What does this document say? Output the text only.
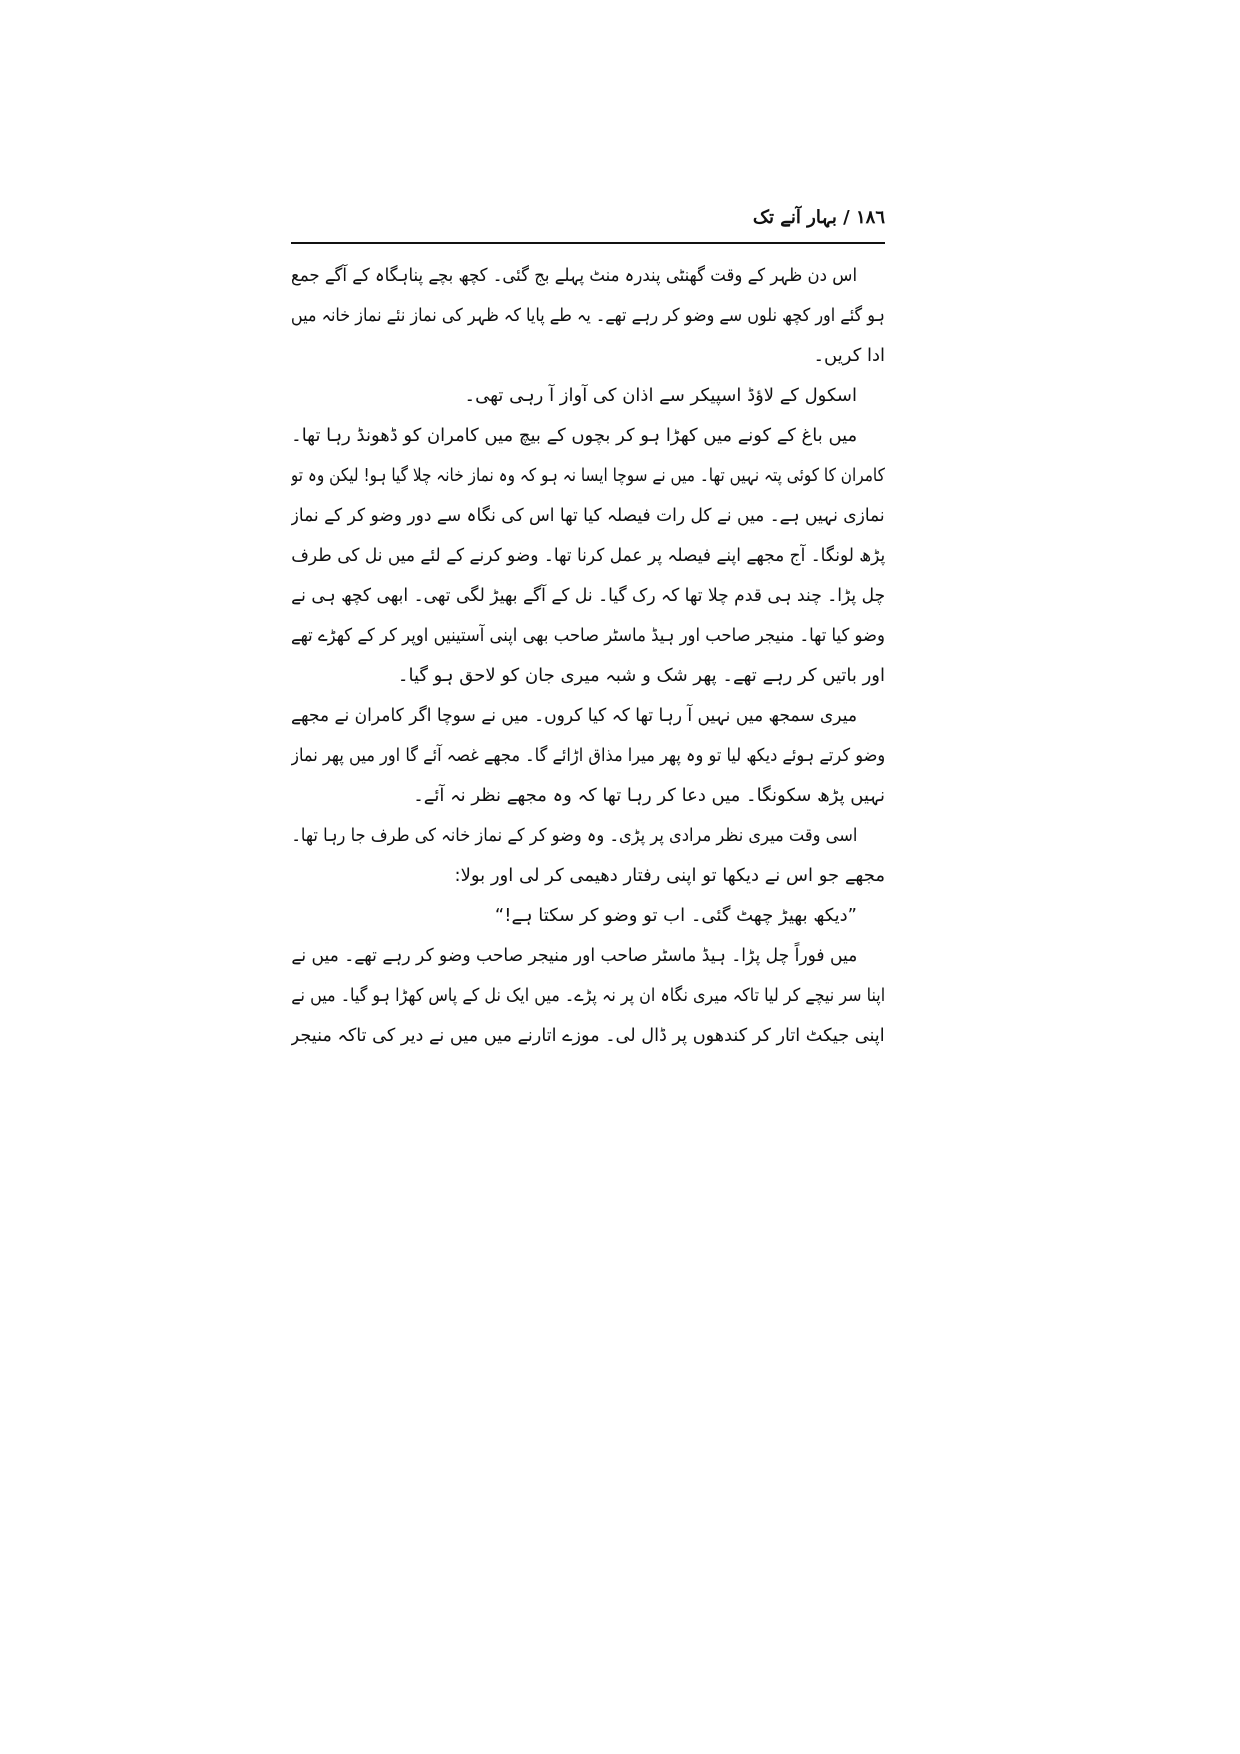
۱۸٦ / بہار آنے تک
اس دن ظہر کے وقت گھنٹی پندرہ منٹ پہلے بج گئی۔ کچھ بچے پناہگاہ کے آگے جمع
ہو گئے اور کچھ نلوں سے وضو کر رہے تھے۔ یہ طے پایا کہ ظہر کی نماز نئے نماز خانہ میں
ادا کریں۔
اسکول کے لاؤڈ اسپیکر سے اذان کی آواز آ رہی تھی۔
میں باغ کے کونے میں کھڑا ہو کر بچوں کے بیچ میں کامران کو ڈھونڈ رہا تھا۔
کامران کا کوئی پتہ نہیں تھا۔ میں نے سوچا ایسا نہ ہو کہ وہ نماز خانہ چلا گیا ہو! لیکن وہ تو
نمازی نہیں ہے۔ میں نے کل رات فیصلہ کیا تھا اس کی نگاہ سے دور وضو کر کے نماز
پڑھ لونگا۔ آج مجھے اپنے فیصلہ پر عمل کرنا تھا۔ وضو کرنے کے لئے میں نل کی طرف
چل پڑا۔ چند ہی قدم چلا تھا کہ رک گیا۔ نل کے آگے بھیڑ لگی تھی۔ ابھی کچھ ہی نے
وضو کیا تھا۔ منیجر صاحب اور ہیڈ ماسٹر صاحب بھی اپنی آستینیں اوپر کر کے کھڑے تھے
اور باتیں کر رہے تھے۔ پھر شک و شبہ میری جان کو لاحق ہو گیا۔
میری سمجھ میں نہیں آ رہا تھا کہ کیا کروں۔ میں نے سوچا اگر کامران نے مجھے
وضو کرتے ہوئے دیکھ لیا تو وہ پھر میرا مذاق اڑائے گا۔ مجھے غصہ آئے گا اور میں پھر نماز
نہیں پڑھ سکونگا۔ میں دعا کر رہا تھا کہ وہ مجھے نظر نہ آئے۔
اسی وقت میری نظر مرادی پر پڑی۔ وہ وضو کر کے نماز خانہ کی طرف جا رہا تھا۔
مجھے جو اس نے دیکھا تو اپنی رفتار دھیمی کر لی اور بولا:
”دیکھ بھیڑ چھٹ گئی۔ اب تو وضو کر سکتا ہے!“
میں فوراً چل پڑا۔ ہیڈ ماسٹر صاحب اور منیجر صاحب وضو کر رہے تھے۔ میں نے
اپنا سر نیچے کر لیا تاکہ میری نگاہ ان پر نہ پڑے۔ میں ایک نل کے پاس کھڑا ہو گیا۔ میں نے
اپنی جیکٹ اتار کر کندھوں پر ڈال لی۔ موزے اتارنے میں میں نے دیر کی تاکہ منیجر
